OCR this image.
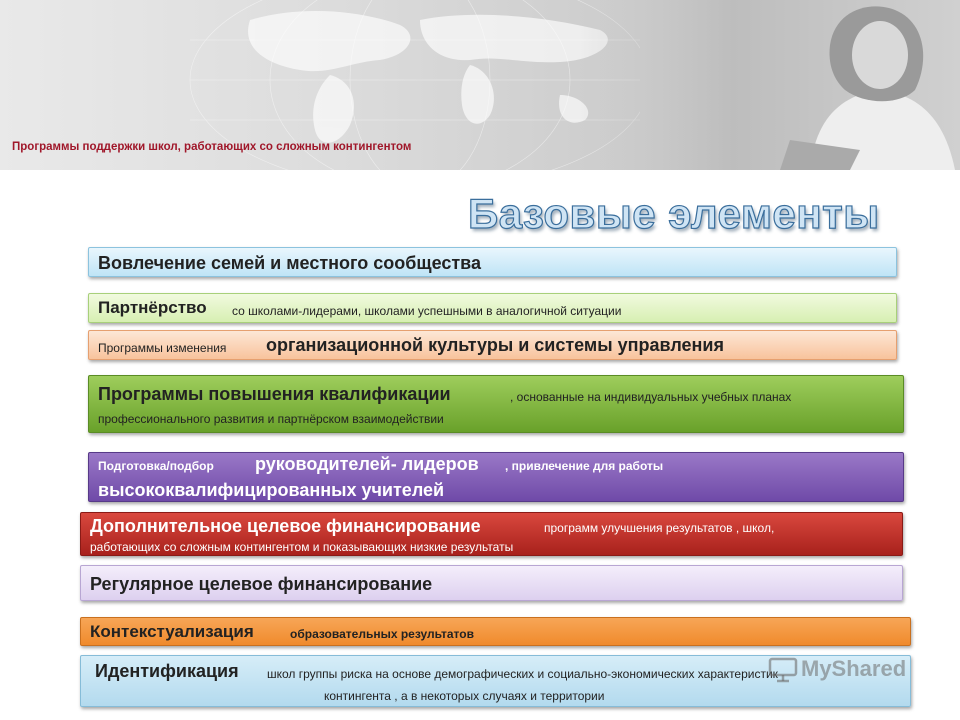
Программы поддержки школ, работающих со сложным контингентом
Базовые элементы
Вовлечение семей и местного сообщества
Партнёрство со школами-лидерами, школами успешными в аналогичной ситуации
Программы изменения организационной культуры и системы управления
Программы повышения квалификации	, основанные на индивидуальных учебных планах
профессионального развития и партнёрском взаимодействии
Подготовка/подбор руководителей- лидеров , привлечение для работы
высококвалифицированных учителей
Дополнительное целевое финансирование	программ улучшения результатов , школ,
работающих со сложным контингентом и показывающих низкие результаты
Регулярное целевое финансирование
Контекстуализация	образовательных результатов
Идентификация школ группы риска на основе демографических и социально-экономических характеристик
контингента , а в некоторых случаях и территории
MyShared
